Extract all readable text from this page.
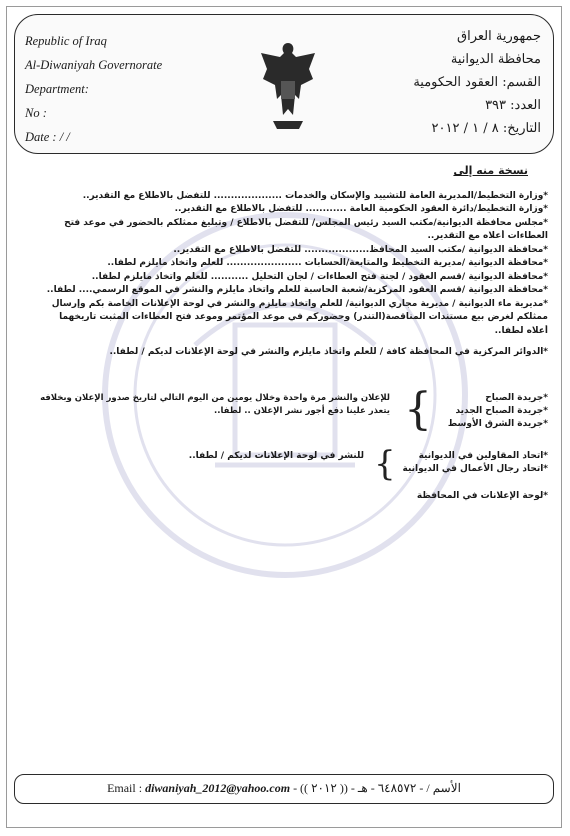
Republic of Iraq
Al-Diwaniyah Governorate
Department:
No :
Date : / /
جمهورية العراق
محافظة الديوانية
القسم: العقود الحكومية
العدد: ٣٩٣
التاريخ: ٨ / ١ / ٢٠١٢
نسخة منه إلى
*وزارة التخطيط/المديرية العامة للتشييد والإسكان والخدمات .................... للتفضل بالاطلاع مع التقدير..
*وزارة التخطيط/دائرة العقود الحكومية العامة ............ للتفضل بالاطلاع مع التقدير..
*مجلس محافظة الديوانية/مكتب السيد رئيس المجلس/ للتفضل بالاطلاع / وتبليغ ممثلكم بالحضور في موعد فتح
العطاءات أعلاه مع التقدير..
*محافظة الديوانية /مكتب السيد المحافظ................... للتفضل بالاطلاع مع التقدير..
*محافظة الديوانية /مديرية التخطيط والمتابعة/الحسابات ...................... للعلم واتخاذ مايلزم لطفا..
*محافظة الديوانية /قسم العقود / لجنة فتح العطاءات / لجان التحليل ........... للعلم واتخاذ مايلزم لطفا..
*محافظة الديوانية /قسم العقود المركزية/شعبة الحاسبة للعلم واتخاذ مايلزم والنشر في الموقع الرسمي.... لطفا..
*مديرية ماء الديوانية / مديرية مجاري الديوانية/ للعلم واتخاذ مايلزم والنشر في لوحة الإعلانات الخاصة بكم وإرسال
ممثلكم لغرض بيع مستندات المناقصة(التندر) وحضوركم في موعد المؤتمر وموعد فتح العطاءات المثبت تاريخهما
أعلاه لطفا..
*الدوائر المركزية في المحافظة كافة / للعلم واتخاذ مايلزم والنشر في لوحة الإعلانات لديكم / لطفا..
*جريدة الصباح
*جريدة الصباح الجديد
*جريدة الشرق الأوسط
{
للإعلان والنشر مرة واحدة وخلال يومين من اليوم التالي لتاريخ صدور الإعلان وبخلافه
يتعذر علينا دفع أجور نشر الإعلان .. لطفا..
*اتحاد المقاولين في الديوانية
*اتحاد رجال الأعمال في الديوانية
{
للنشر في لوحة الإعلانات لديكم / لطفا..
*لوحة الإعلانات في المحافظة
Email : diwaniyah_2012@yahoo.com - (( ٢٠١٢ )) - الأسم / - ٦٤٨٥٧٢ - هـ
